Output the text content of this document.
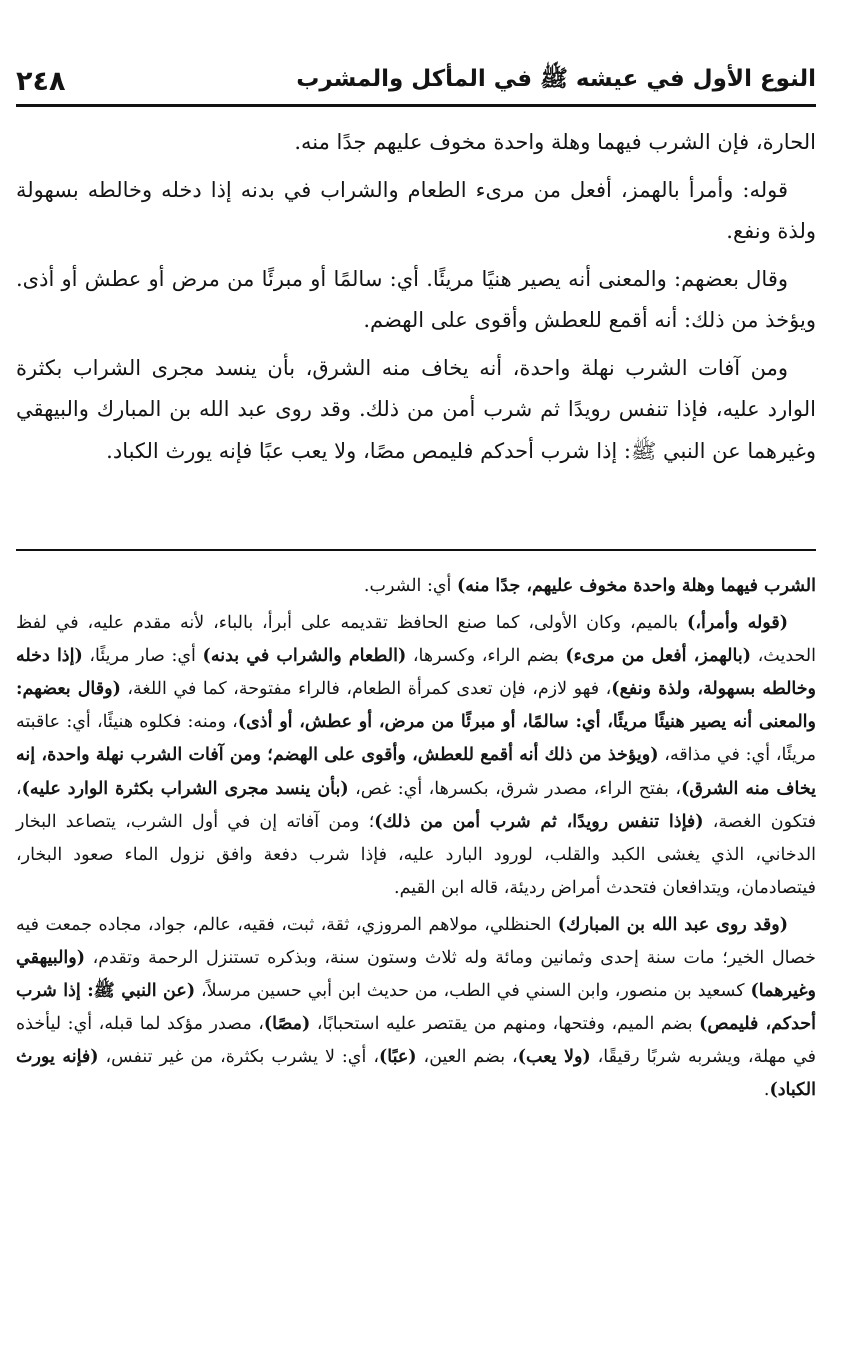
٢٤٨	النوع الأول في عيشه ﷺ في المأكل والمشرب

الحارة، فإن الشرب فيهما وهلة واحدة مخوف عليهم جدًا منه.

قوله: وأمرأ بالهمز، أفعل من مرىء الطعام والشراب في بدنه إذا دخله وخالطه بسهولة ولذة ونفع.

وقال بعضهم: والمعنى أنه يصير هنيًا مريئًا. أي: سالمًا أو مبرئًا من مرض أو عطش أو أذى. ويؤخذ من ذلك: أنه أقمع للعطش وأقوى على الهضم.

ومن آفات الشرب نهلة واحدة، أنه يخاف منه الشرق، بأن ينسد مجرى الشراب بكثرة الوارد عليه، فإذا تنفس رويدًا ثم شرب أمن من ذلك. وقد روى عبد الله بن المبارك والبيهقي وغيرهما عن النبي ﷺ: إذا شرب أحدكم فليمص مصًا، ولا يعب عبًا فإنه يورث الكباد.

الشرب فيهما وهلة واحدة مخوف عليهم، جدًا منه) أي: الشرب.

(قوله وأمرأ،) بالميم، وكان الأولى، كما صنع الحافظ تقديمه على أبرأ، بالباء، لأنه مقدم عليه، في لفظ الحديث، (بالهمز، أفعل من مرىء) بضم الراء، وكسرها، (الطعام والشراب في بدنه) أي: صار مريئًا، (إذا دخله وخالطه بسهولة، ولذة ونفع)، فهو لازم، فإن تعدى كمرأة الطعام، فالراء مفتوحة، كما في اللغة، (وقال بعضهم: والمعنى أنه يصير هنيئًا مريئًا، أي: سالمًا، أو مبرئًا من مرض، أو عطش، أو أذى)، ومنه: فكلوه هنيئًا، أي: عاقبته مريئًا، أي: في مذاقه، (ويؤخذ من ذلك أنه أقمع للعطش، وأقوى على الهضم؛ ومن آفات الشرب نهلة واحدة، إنه يخاف منه الشرق)، بفتح الراء، مصدر شرق، بكسرها، أي: غص، (بأن ينسد مجرى الشراب بكثرة الوارد عليه)، فتكون الغصة، (فإذا تنفس رويدًا، ثم شرب أمن من ذلك)؛ ومن آفاته إن في أول الشرب، يتصاعد البخار الدخاني، الذي يغشى الكبد والقلب، لورود البارد عليه، فإذا شرب دفعة وافق نزول الماء صعود البخار، فيتصادمان، ويتدافعان فتحدث أمراض رديئة، قاله ابن القيم.

(وقد روى عبد الله بن المبارك) الحنظلي، مولاهم المروزي، ثقة، ثبت، فقيه، عالم، جواد، مجاده جمعت فيه خصال الخير؛ مات سنة إحدى وثمانين ومائة وله ثلاث وستون سنة، وبذكره تستنزل الرحمة وتقدم، (والبيهقي وغيرهما) كسعيد بن منصور، وابن السني في الطب، من حديث ابن أبي حسين مرسلاً، (عن النبي ﷺ: إذا شرب أحدكم، فليمص) بضم الميم، وفتحها، ومنهم من يقتصر عليه استحبابًا، (مصًا)، مصدر مؤكد لما قبله، أي: ليأخذه في مهلة، ويشربه شربًا رقيقًا، (ولا يعب)، بضم العين، (عبًا)، أي: لا يشرب بكثرة، من غير تنفس، (فإنه يورث الكباد).
